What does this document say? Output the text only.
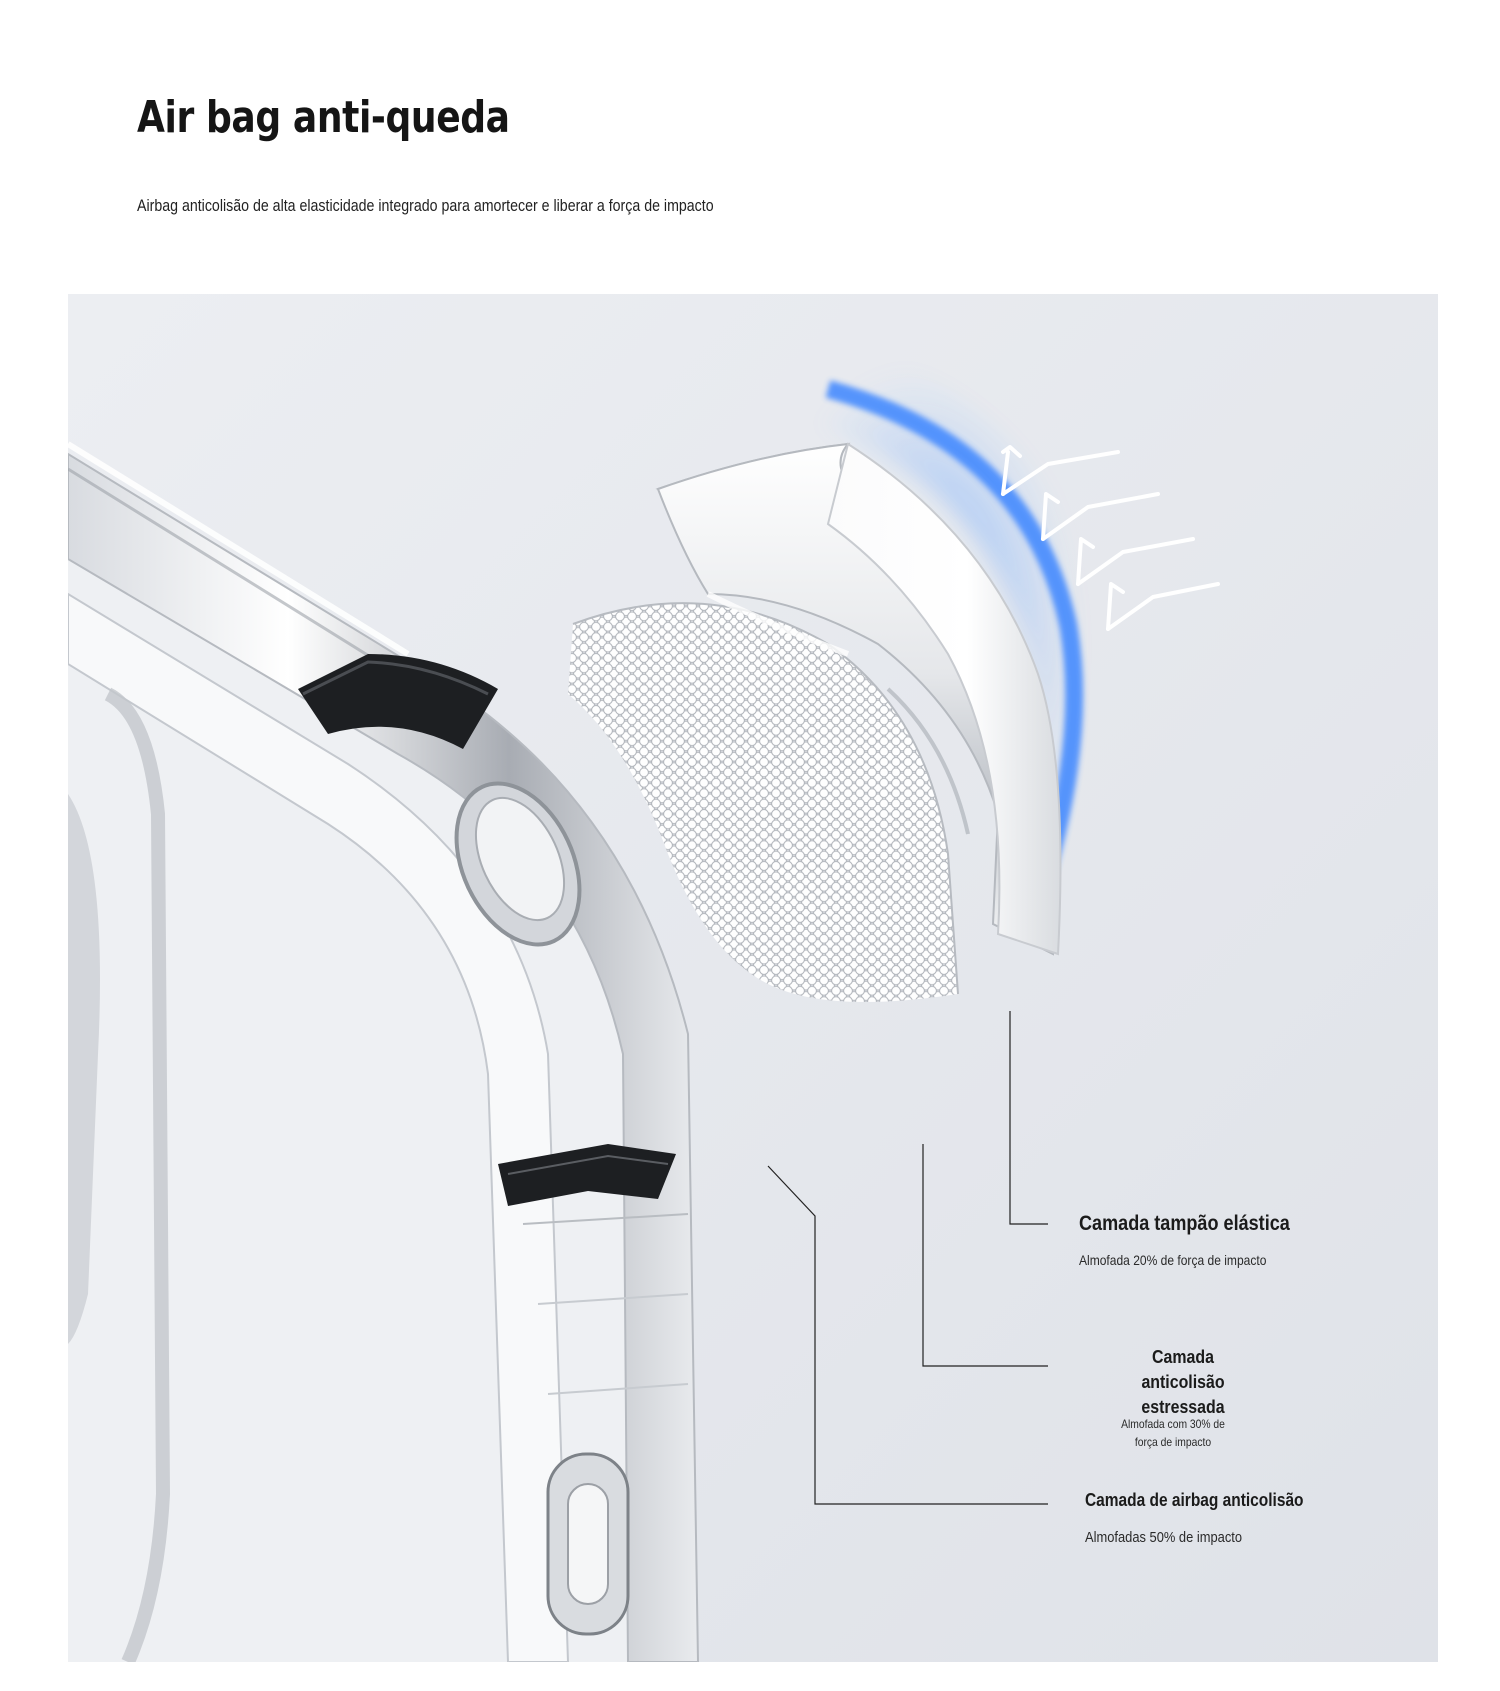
Air bag anti-queda
Airbag anticolisão de alta elasticidade integrado para amortecer e liberar a força de impacto
Camada tampão elástica
Almofada 20% de força de impacto
Camada anticolisão estressada
Almofada com 30% de força de impacto
Camada de airbag anticolisão
Almofadas 50% de impacto
